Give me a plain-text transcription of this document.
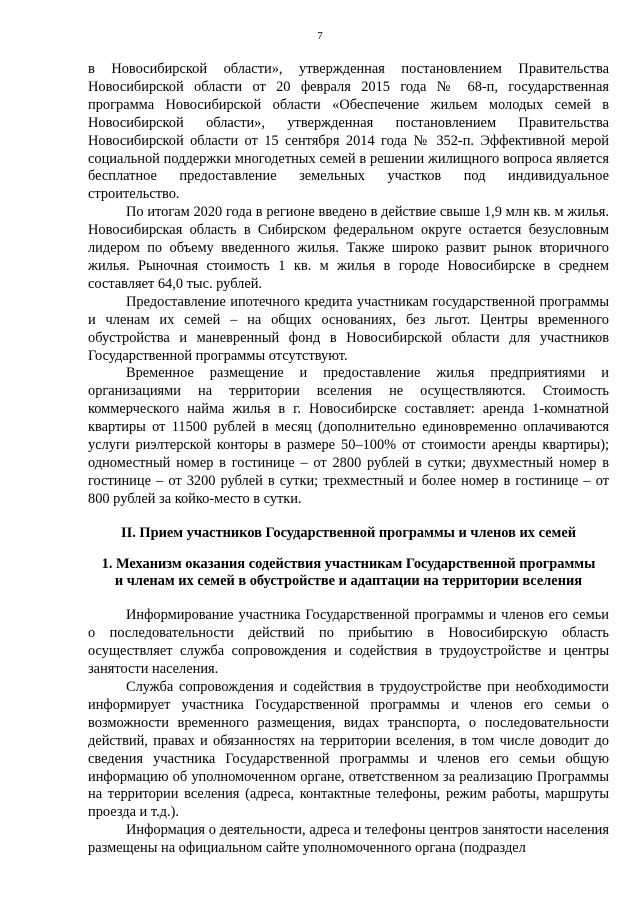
7

в Новосибирской области», утвержденная постановлением Правительства Новосибирской области от 20 февраля 2015 года № 68-п, государственная программа Новосибирской области «Обеспечение жильем молодых семей в Новосибирской области», утвержденная постановлением Правительства Новосибирской области от 15 сентября 2014 года № 352-п. Эффективной мерой социальной поддержки многодетных семей в решении жилищного вопроса является бесплатное предоставление земельных участков под индивидуальное строительство.

По итогам 2020 года в регионе введено в действие свыше 1,9 млн кв. м жилья. Новосибирская область в Сибирском федеральном округе остается безусловным лидером по объему введенного жилья. Также широко развит рынок вторичного жилья. Рыночная стоимость 1 кв. м жилья в городе Новосибирске в среднем составляет 64,0 тыс. рублей.

Предоставление ипотечного кредита участникам государственной программы и членам их семей – на общих основаниях, без льгот. Центры временного обустройства и маневренный фонд в Новосибирской области для участников Государственной программы отсутствуют.

Временное размещение и предоставление жилья предприятиями и организациями на территории вселения не осуществляются. Стоимость коммерческого найма жилья в г. Новосибирске составляет: аренда 1-комнатной квартиры от 11500 рублей в месяц (дополнительно единовременно оплачиваются услуги риэлтерской конторы в размере 50–100% от стоимости аренды квартиры); одноместный номер в гостинице – от 2800 рублей в сутки; двухместный номер в гостинице – от 3200 рублей в сутки; трехместный и более номер в гостинице – от 800 рублей за койко-место в сутки.

II. Прием участников Государственной программы и членов их семей

1. Механизм оказания содействия участникам Государственной программы

и членам их семей в обустройстве и адаптации на территории вселения

Информирование участника Государственной программы и членов его семьи о последовательности действий по прибытию в Новосибирскую область осуществляет служба сопровождения и содействия в трудоустройстве и центры занятости населения.

Служба сопровождения и содействия в трудоустройстве при необходимости информирует участника Государственной программы и членов его семьи о возможности временного размещения, видах транспорта, о последовательности действий, правах и обязанностях на территории вселения, в том числе доводит до сведения участника Государственной программы и членов его семьи общую информацию об уполномоченном органе, ответственном за реализацию Программы на территории вселения (адреса, контактные телефоны, режим работы, маршруты проезда и т.д.).

Информация о деятельности, адреса и телефоны центров занятости населения размещены на официальном сайте уполномоченного органа (подраздел
